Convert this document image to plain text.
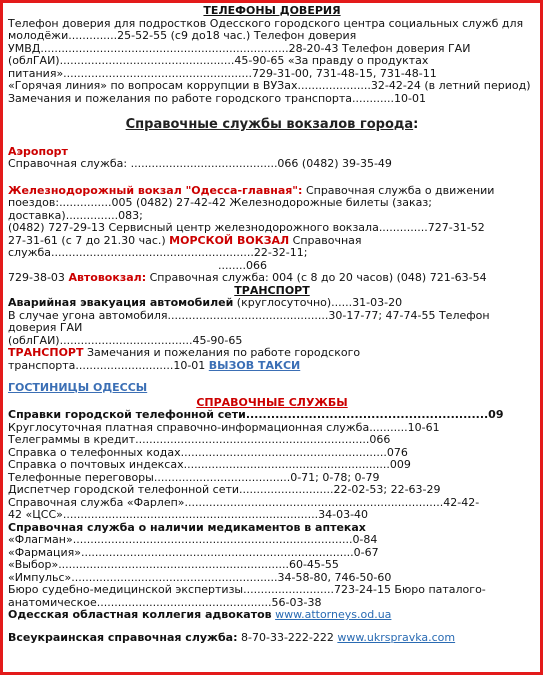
ТЕЛЕФОНЫ ДОВЕРИЯ

Телефон доверия для подростков Одесского городского центра социальных служб для

молодёжи..............25-52-55 (с9 до18 час.) Телефон доверия

УМВД.......................................................................28-20-43 Телефон доверия ГАИ

(облГАИ)..................................................45-90-65 «За правду о продуктах

питания»......................................................729-31-00, 731-48-15, 731-48-11

«Горячая линия» по вопросам коррупции в ВУЗах.....................32-42-24 (в летний период)

Замечания и пожелания по работе городского транспорта............10-01

Справочные службы вокзалов города:

Аэропорт

Справочная служба: ..........................................066 (0482) 39-35-49

Железнодорожный вокзал "Одесса-главная": Справочная служба о движении

поездов:...............005 (0482) 27-42-42 Железнодорожные билеты (заказ; доставка)...............083;

(0482) 727-29-13 Сервисный центр железнодорожного вокзала..............727-31-52

27-31-61 (с 7 до 21.30 час.) МОРСКОЙ ВОКЗАЛ Справочная

служба..........................................................22-32-11;

........066

729-38-03 Автовокзал: Справочная служба: 004 (с 8 до 20 часов) (048) 721-63-54

ТРАНСПОРТ

Аварийная эвакуация автомобилей (круглосуточно)......31-03-20

В случае угона автомобиля..............................................30-17-77; 47-74-55 Телефон доверия ГАИ

(облГАИ)......................................45-90-65

ТРАНСПОРТ Замечания и пожелания по работе городского транспорта............................10-01 ВЫЗОВ ТАКСИ

ГОСТИНИЦЫ ОДЕССЫ

СПРАВОЧНЫЕ СЛУЖБЫ

Справки городской телефонной сети..........................................................09

Круглосуточная платная справочно-информационная служба...........10-61

Телеграммы в кредит...................................................................066

Справка о телефонных кодах...........................................................076

Справка о почтовых индексах...........................................................009

Телефонные переговоры.......................................0-71; 0-78; 0-79

Диспетчер городской телефонной сети...........................22-02-53; 22-63-29

Справочная служба «Фарлеп»..........................................................................42-42-

42 «ЦСС».........................................................................34-03-40

Справочная служба о наличии медикаментов в аптеках

«Флагман»................................................................................0-84

«Фармация»..............................................................................0-67

«Выбор»..................................................................60-45-55

«Импульс»...........................................................34-58-80, 746-50-60

Бюро судебно-медицинской экспертизы..........................723-24-15 Бюро паталого-

анатомическое..................................................56-03-38

Одесская областная коллегия адвокатов www.attorneys.od.ua

Всеукраинская справочная служба: 8-70-33-222-222 www.ukrspravka.com
